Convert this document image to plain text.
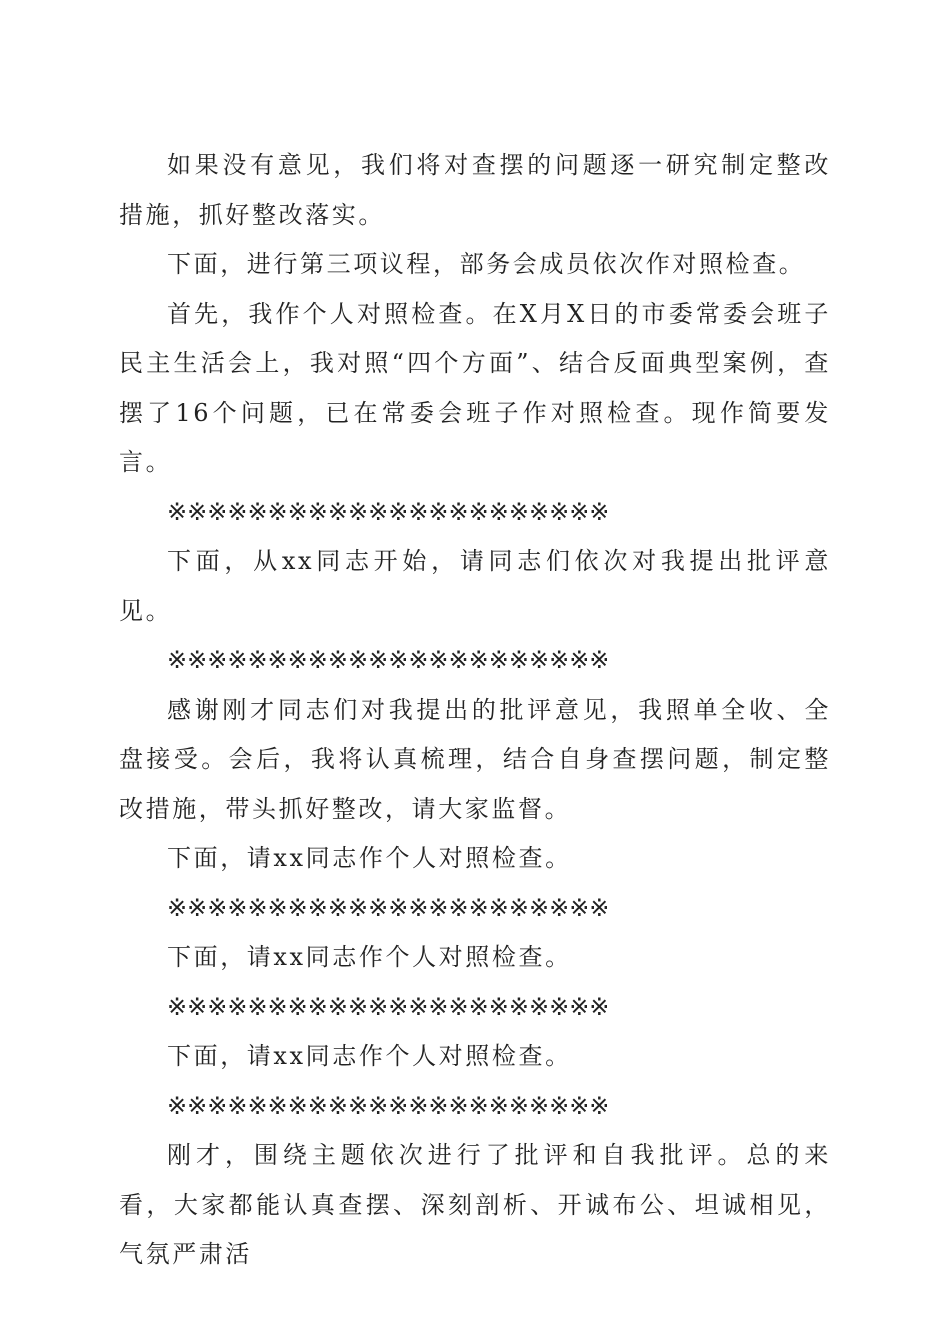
如果没有意见，我们将对查摆的问题逐一研究制定整改措施，抓好整改落实。

下面，进行第三项议程，部务会成员依次作对照检查。

首先，我作个人对照检查。在X月X日的市委常委会班子民主生活会上，我对照“四个方面”、结合反面典型案例，查摆了16个问题，已在常委会班子作对照检查。现作简要发言。

※※※※※※※※※※※※※※※※※※※※※※

下面，从xx同志开始，请同志们依次对我提出批评意见。

※※※※※※※※※※※※※※※※※※※※※※

感谢刚才同志们对我提出的批评意见，我照单全收、全盘接受。会后，我将认真梳理，结合自身查摆问题，制定整改措施，带头抓好整改，请大家监督。

下面，请xx同志作个人对照检查。

※※※※※※※※※※※※※※※※※※※※※※

下面，请xx同志作个人对照检查。

※※※※※※※※※※※※※※※※※※※※※※

下面，请xx同志作个人对照检查。

※※※※※※※※※※※※※※※※※※※※※※

刚才，围绕主题依次进行了批评和自我批评。总的来看，大家都能认真查摆、深刻剖析、开诚布公、坦诚相见，气氛严肃活
